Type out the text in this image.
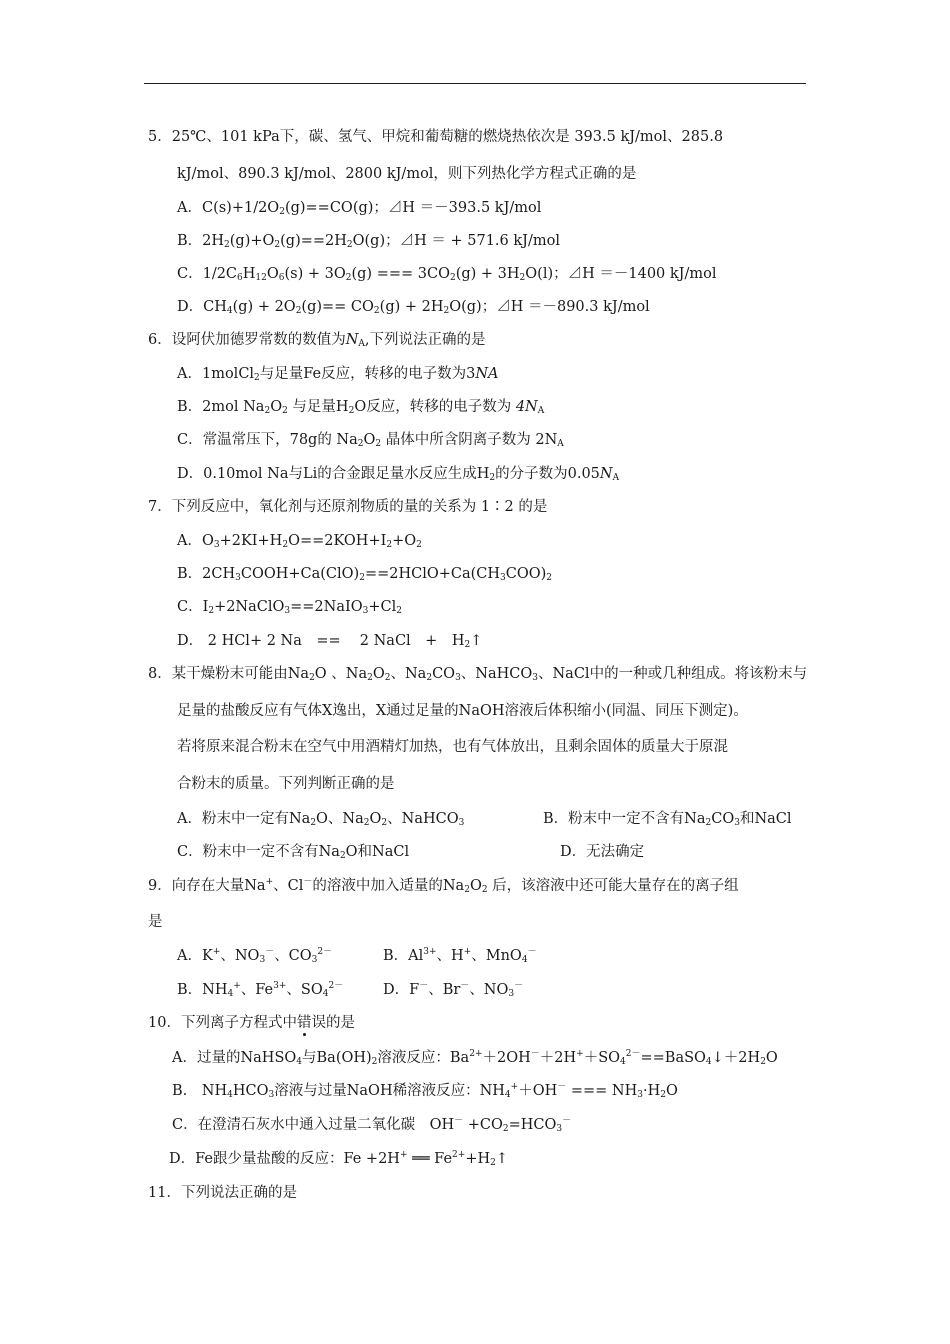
5．25℃、101 kPa下，碳、氢气、甲烷和葡萄糖的燃烧热依次是 393.5 kJ/mol、285.8
kJ/mol、890.3 kJ/mol、2800 kJ/mol，则下列热化学方程式正确的是
A．$C(s)+1/2O_2(g)==CO(g)$；⊿H ＝－393.5 kJ/mol
B．$2H_2(g)+O_2(g)==2H_2O(g)$；⊿H ＝ + 571.6 kJ/mol
C．$1/2C_6H_{12}O_6(s) + 3O_2(g)$ === $3CO_2(g) + 3H_2O(l)$；⊿H ＝－1400 kJ/mol
D．$CH_4(g) + 2O_2(g)== CO_2(g) + 2H_2O(g)$；⊿H ＝－890.3 kJ/mol
6．设阿伏加德罗常数的数值为$N_A$,下列说法正确的是
A．1molCl$_2$与足量Fe反应，转移的电子数为3NA
B．2mol $Na_2O_2$ 与足量$H_2O$反应，转移的电子数为 $4N_A$
C．常温常压下，78g的 $Na_2O_2$ 晶体中所含阴离子数为 $2N_A$
D．0.10mol Na与Li的合金跟足量水反应生成$H_2$的分子数为$0.05N_A$
7．下列反应中，氧化剂与还原剂物质的量的关系为 1∶2 的是
A．$O_3+2KI+H_2O==2KOH+I_2+O_2$
B．$2CH_3COOH+Ca(ClO)_2==2HClO+Ca(CH_3COO)_2$
C．$I_2+2NaClO_3==2NaIO_3+Cl_2$
D． 2 HCl+ 2 Na　==　 2 NaCl　+　$H_2↑$
8．某干燥粉末可能由$Na_2O$ 、$Na_2O_2$、$Na_2CO_3$、NaHCO$_3$、NaCl中的一种或几种组成。将该粉末与
足量的盐酸反应有气体X逸出，X通过足量的NaOH溶液后体积缩小(同温、同压下测定)。
若将原来混合粉末在空气中用酒精灯加热，也有气体放出，且剩余固体的质量大于原混
合粉末的质量。下列判断正确的是
A．粉末中一定有$Na_2O$、$Na_2O_2$、NaHCO$_3$	B．粉末中一定不含有$Na_2CO_3$和NaCl
C．粉末中一定不含有$Na_2O$和NaCl	D．无法确定
9．向存在大量Na+、Cl－的溶液中加入适量的$Na_2O_2$ 后，该溶液中还可能大量存在的离子组
是
A．K+、$NO_3^-$、$CO_3^{2-}$	B．$Al^{3+}$、H+、MnO$_4$－
B．$NH_4^+$、$Fe^{3+}$、$SO_4^{2-}$	D．F－、Br－、$NO_3^-$
10．下列离子方程式中错误的是
A．过量的NaHSO$_4$与$Ba(OH)_2$溶液反应：$Ba^{2+}+2OH^-+2H^++SO_4^{2-}==BaSO_4↓+2H_2O$
B.　$NH_4HCO_3$溶液与过量NaOH稀溶液反应：$NH_4^++OH^-$ === $NH_3\cdot H_2O$
C．在澄清石灰水中通入过量二氧化碳　$OH^- +CO_2=HCO_3^-$
D．Fe跟少量盐酸的反应：Fe +2H+ ══ $Fe^{2+}+H_2↑$
11．下列说法正确的是
